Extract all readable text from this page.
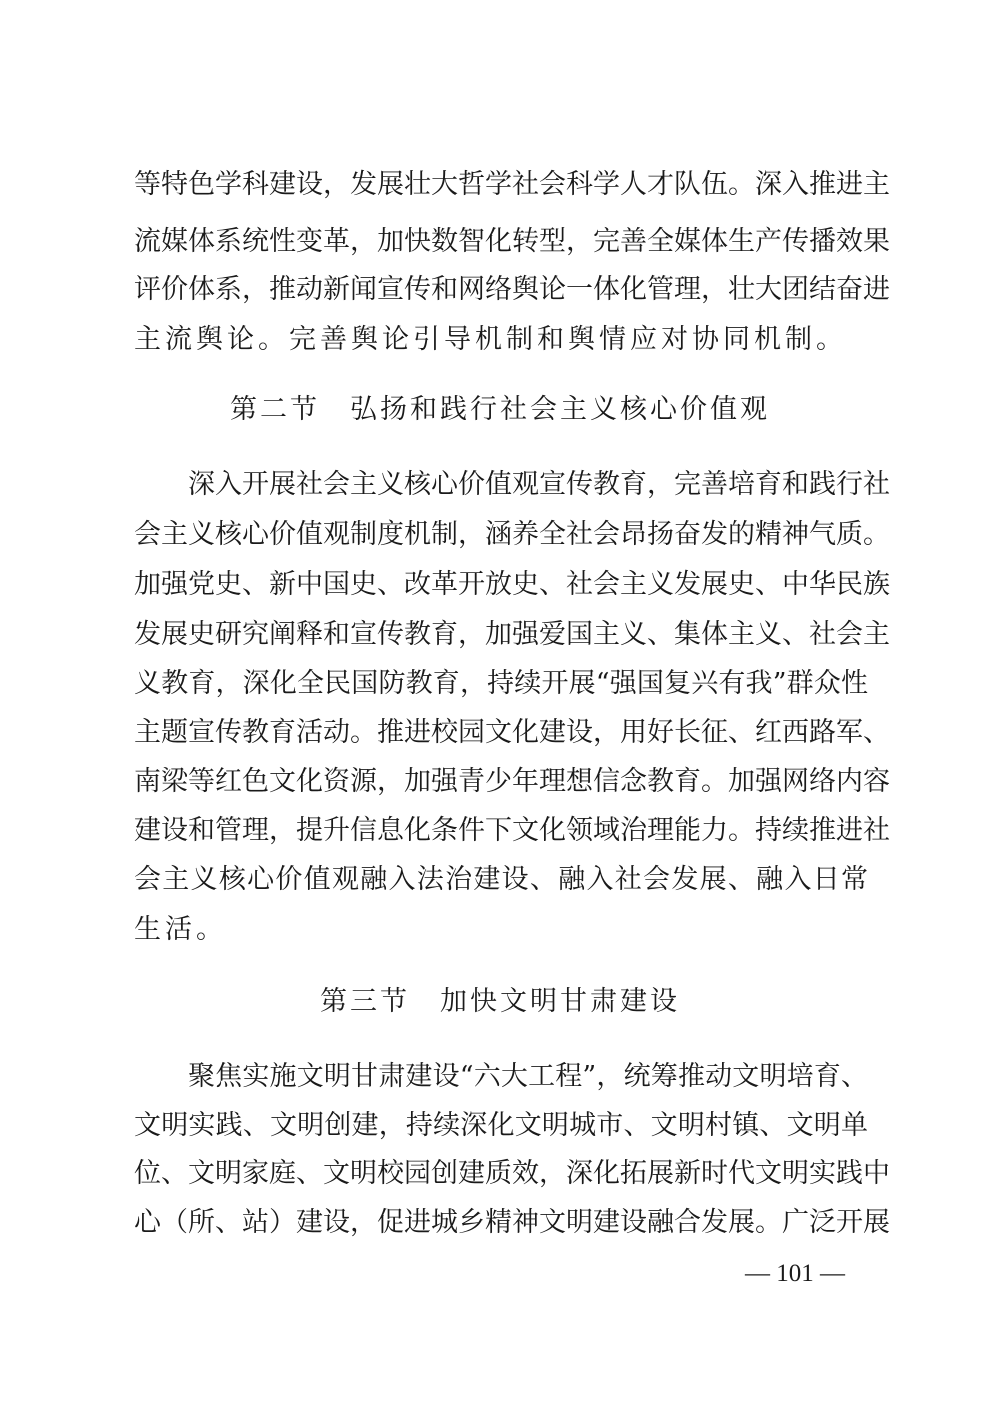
等特色学科建设，发展壮大哲学社会科学人才队伍。深入推进主
流媒体系统性变革，加快数智化转型，完善全媒体生产传播效果
评价体系，推动新闻宣传和网络舆论一体化管理，壮大团结奋进
主流舆论。完善舆论引导机制和舆情应对协同机制。
第二节　弘扬和践行社会主义核心价值观
深入开展社会主义核心价值观宣传教育，完善培育和践行社
会主义核心价值观制度机制，涵养全社会昂扬奋发的精神气质。
加强党史、新中国史、改革开放史、社会主义发展史、中华民族
发展史研究阐释和宣传教育，加强爱国主义、集体主义、社会主
义教育，深化全民国防教育，持续开展“强国复兴有我”群众性
主题宣传教育活动。推进校园文化建设，用好长征、红西路军、
南梁等红色文化资源，加强青少年理想信念教育。加强网络内容
建设和管理，提升信息化条件下文化领域治理能力。持续推进社
会主义核心价值观融入法治建设、融入社会发展、融入日常
生活。
第三节　加快文明甘肃建设
聚焦实施文明甘肃建设“六大工程”，统筹推动文明培育、
文明实践、文明创建，持续深化文明城市、文明村镇、文明单
位、文明家庭、文明校园创建质效，深化拓展新时代文明实践中
心（所、站）建设，促进城乡精神文明建设融合发展。广泛开展
— 101 —
